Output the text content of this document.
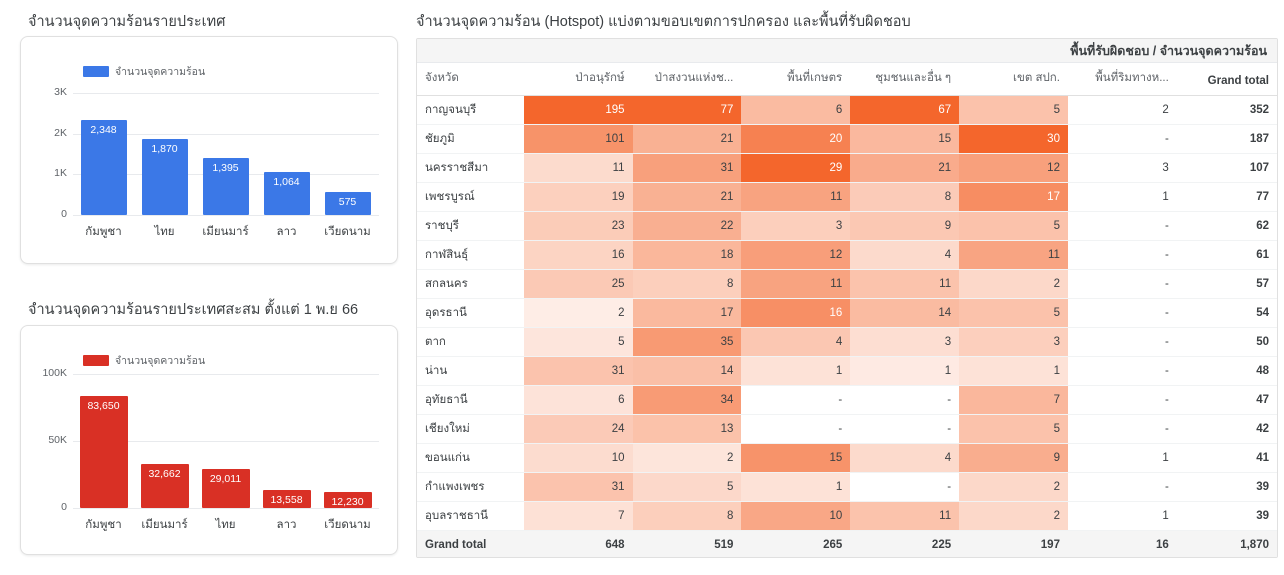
จำนวนจุดความร้อนรายประเทศ
จำนวนจุดความร้อน
0
1K
2K
3K
2,348
กัมพูชา
1,870
ไทย
1,395
เมียนมาร์
1,064
ลาว
575
เวียดนาม
จำนวนจุดความร้อนรายประเทศสะสม ตั้งแต่ 1 พ.ย 66
จำนวนจุดความร้อน
0
50K
100K
83,650
กัมพูชา
32,662
เมียนมาร์
29,011
ไทย
13,558
ลาว
12,230
เวียดนาม
จำนวนจุดความร้อน (Hotspot) แบ่งตามขอบเขตการปกครอง และพื้นที่รับผิดชอบ
พื้นที่รับผิดชอบ / จำนวนจุดความร้อน
จังหวัด	ป่าอนุรักษ์	ป่าสงวนแห่งช...	พื้นที่เกษตร	ชุมชนและอื่น ๆ	เขต สปก.	พื้นที่ริมทางห...	Grand total
กาญจนบุรี	195	77	6	67	5	2	352
ชัยภูมิ	101	21	20	15	30	-	187
นครราชสีมา	11	31	29	21	12	3	107
เพชรบูรณ์	19	21	11	8	17	1	77
ราชบุรี	23	22	3	9	5	-	62
กาฬสินธุ์	16	18	12	4	11	-	61
สกลนคร	25	8	11	11	2	-	57
อุดรธานี	2	17	16	14	5	-	54
ตาก	5	35	4	3	3	-	50
น่าน	31	14	1	1	1	-	48
อุทัยธานี	6	34	-	-	7	-	47
เชียงใหม่	24	13	-	-	5	-	42
ขอนแก่น	10	2	15	4	9	1	41
กำแพงเพชร	31	5	1	-	2	-	39
อุบลราชธานี	7	8	10	11	2	1	39
Grand total	648	519	265	225	197	16	1,870
